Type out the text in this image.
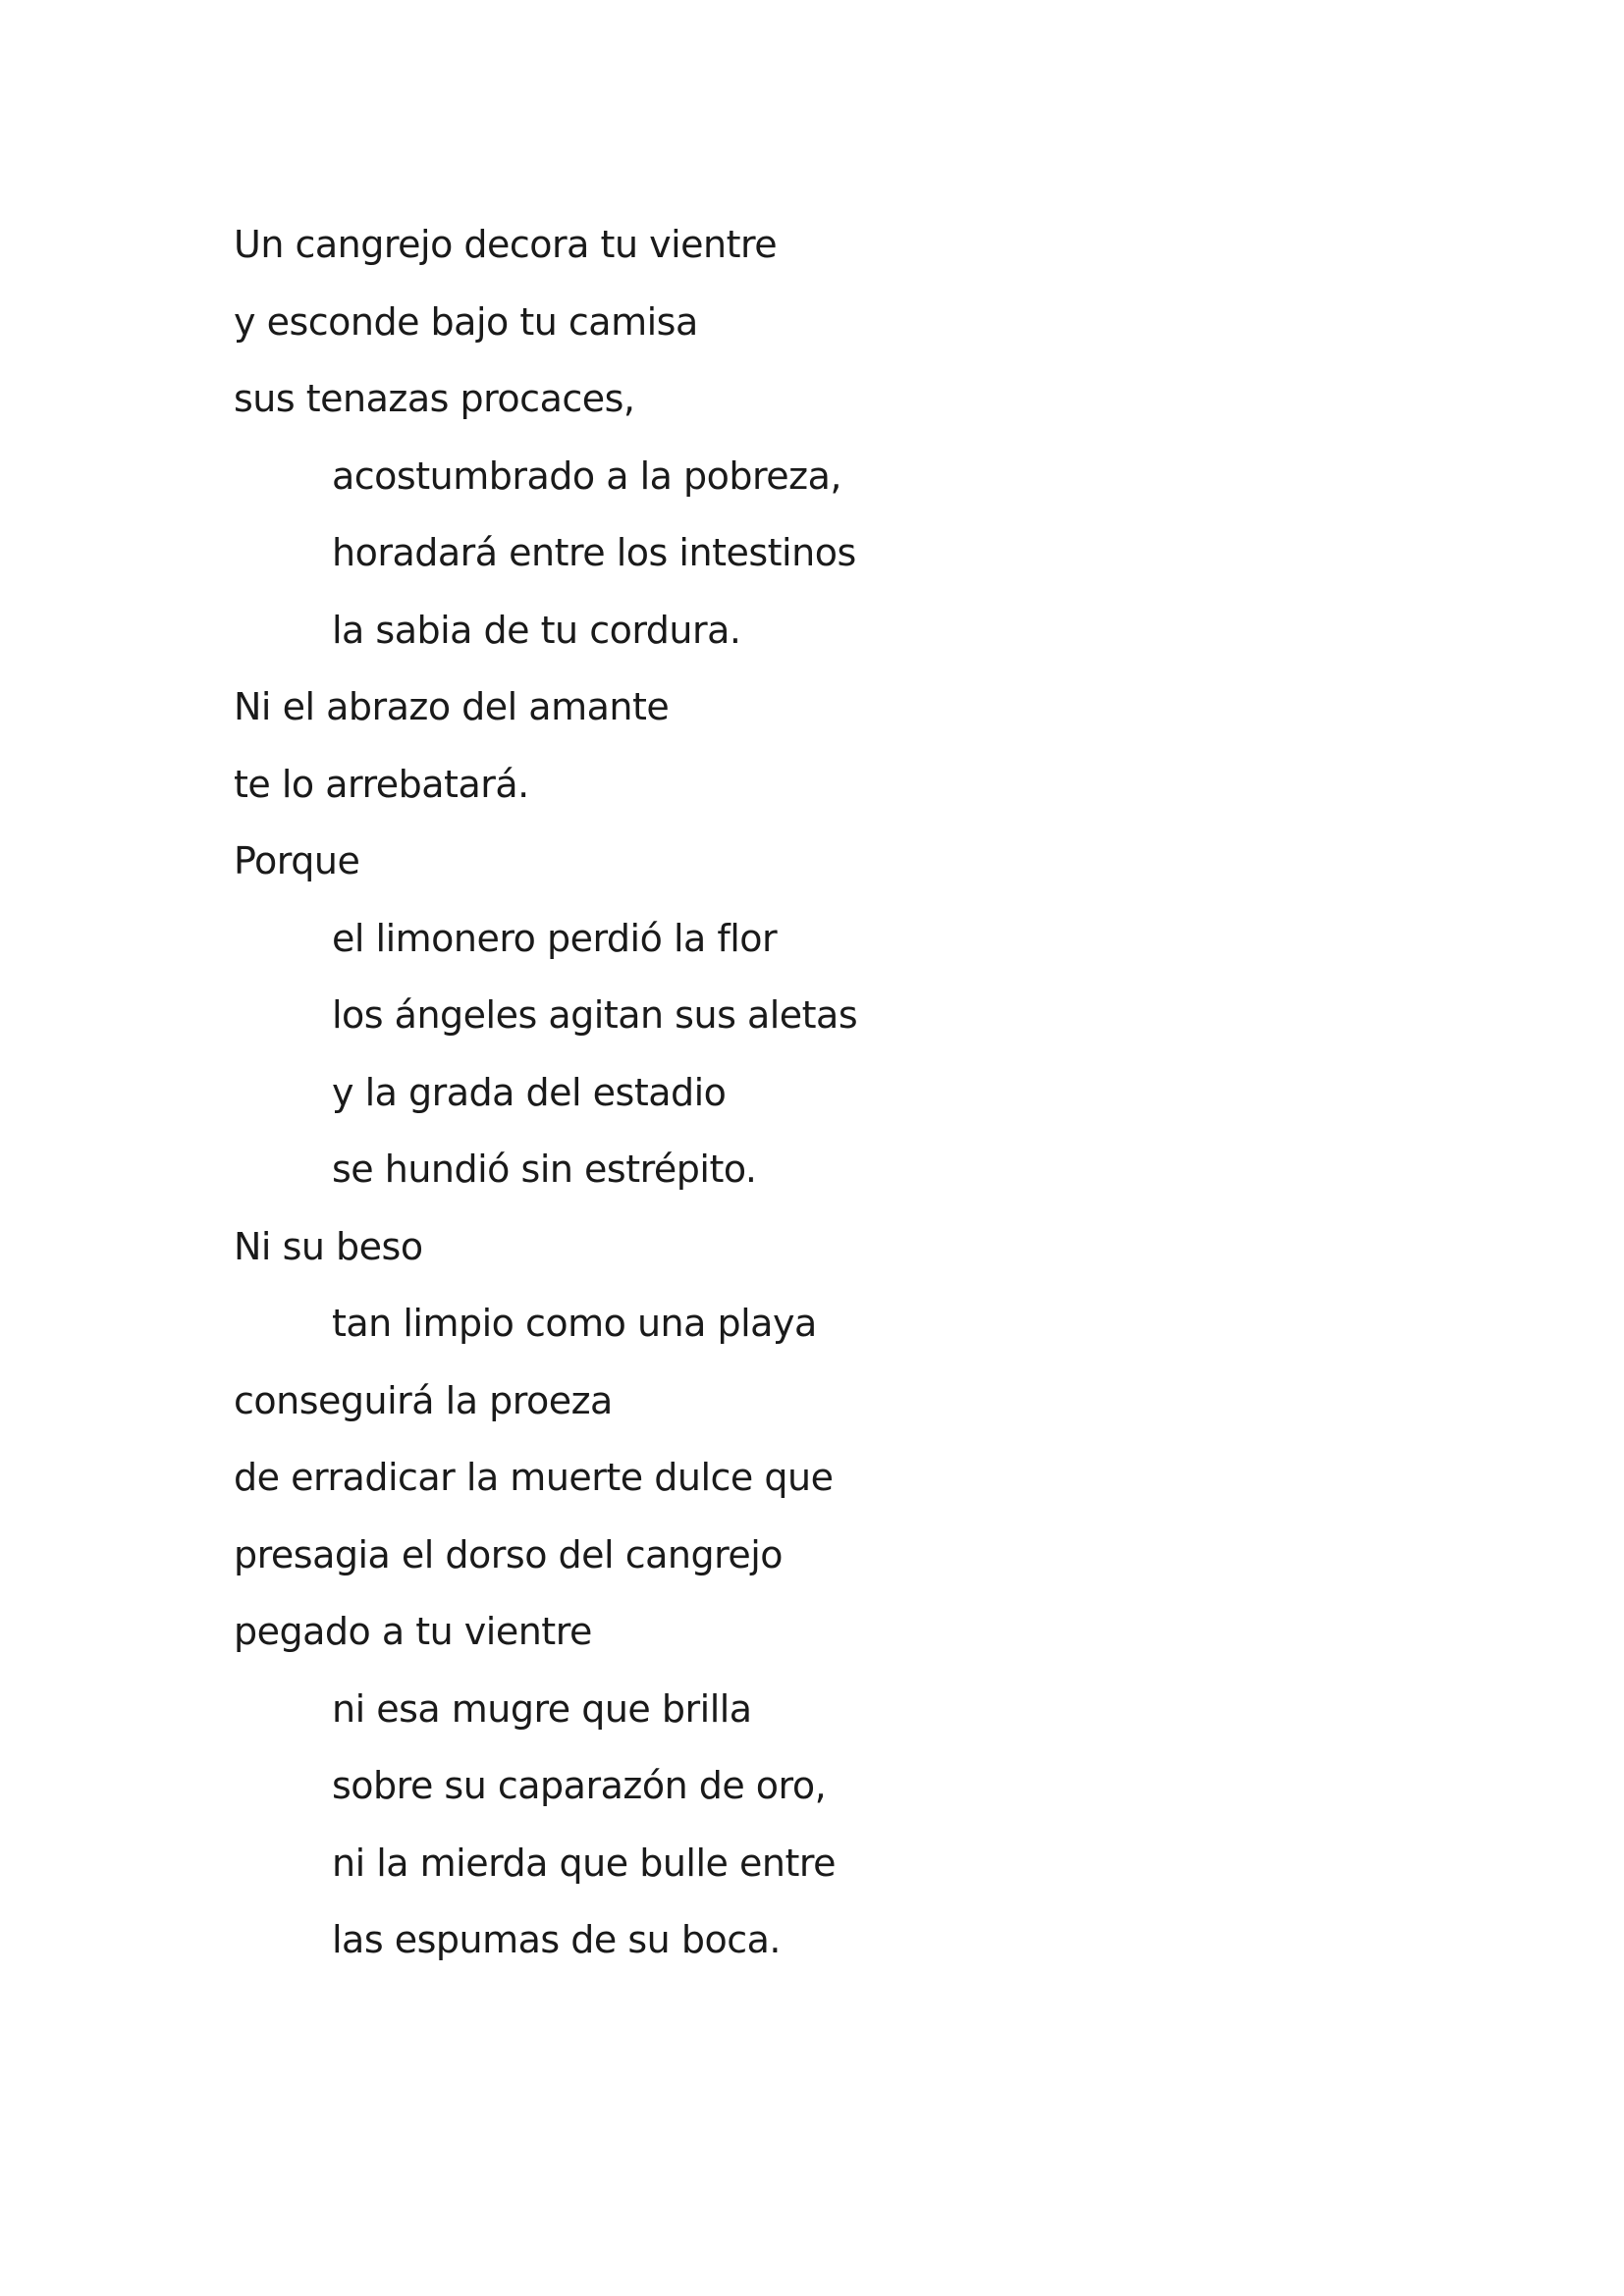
Un cangrejo decora tu vientre
y esconde bajo tu camisa
sus tenazas procaces,
acostumbrado a la pobreza,
horadará entre los intestinos
la sabia de tu cordura.
Ni el abrazo del amante
te lo arrebatará.
Porque
el limonero perdió la flor
los ángeles agitan sus aletas
y la grada del estadio
se hundió sin estrépito.
Ni su beso
tan limpio como una playa
conseguirá la proeza
de erradicar la muerte dulce que
presagia el dorso del cangrejo
pegado a tu vientre
ni esa mugre que brilla
sobre su caparazón de oro,
ni la mierda que bulle entre
las espumas de su boca.
